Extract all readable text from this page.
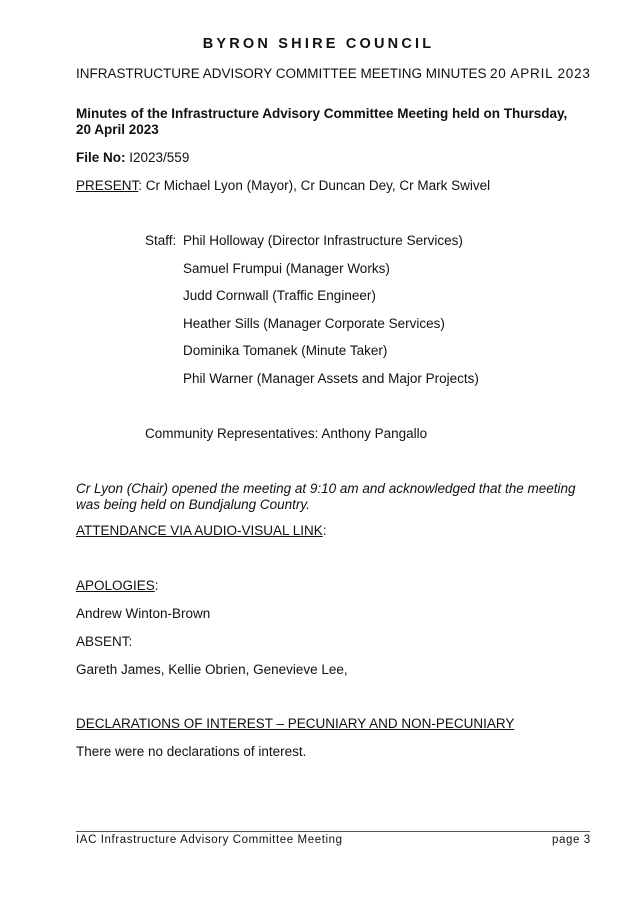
BYRON SHIRE COUNCIL
INFRASTRUCTURE ADVISORY COMMITTEE MEETING MINUTES 20 APRIL 2023
Minutes of the Infrastructure Advisory Committee Meeting held on Thursday, 20 April 2023
File No: I2023/559
PRESENT: Cr Michael Lyon (Mayor), Cr Duncan Dey, Cr Mark Swivel
Staff: Phil Holloway (Director Infrastructure Services)
Samuel Frumpui (Manager Works)
Judd Cornwall (Traffic Engineer)
Heather Sills (Manager Corporate Services)
Dominika Tomanek (Minute Taker)
Phil Warner (Manager Assets and Major Projects)
Community Representatives: Anthony Pangallo
Cr Lyon (Chair) opened the meeting at 9:10 am and acknowledged that the meeting was being held on Bundjalung Country.
ATTENDANCE VIA AUDIO-VISUAL LINK:
APOLOGIES:
Andrew Winton-Brown
ABSENT:
Gareth James, Kellie Obrien, Genevieve Lee,
DECLARATIONS OF INTEREST – PECUNIARY AND NON-PECUNIARY
There were no declarations of interest.
IAC Infrastructure Advisory Committee Meeting	page 3
